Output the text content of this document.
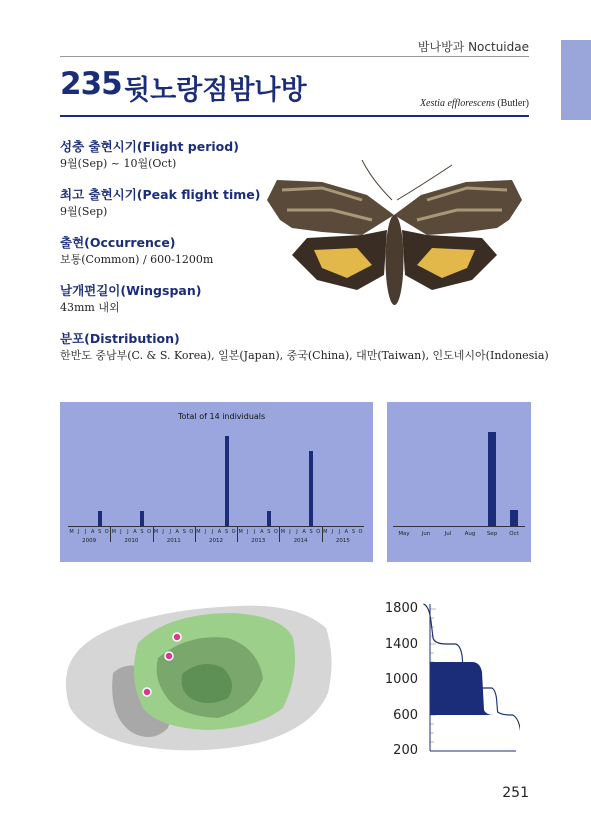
밤나방과 Noctuidae
235 뒷노랑점밤나방	Xestia efflorescens (Butler)
성충 출현시기(Flight period)
9월(Sep) ~ 10월(Oct)
최고 출현시기(Peak flight time)
9월(Sep)
출현(Occurrence)
보통(Common) / 600-1200m
날개편길이(Wingspan)
43mm 내외
분포(Distribution)
한반도 중남부(C. & S. Korea), 일본(Japan), 중국(China), 대만(Taiwan), 인도네시아(Indonesia)
Total of 14 individuals
M J J A S O M J J A S O M J J A S O M J J A S O M J J A S O M J J A S O M J J A S O
2009	2010	2011	2012	2013	2014	2015
May Jun	Jul Aug Sep Oct
1800
1400
1000
600
200
251
